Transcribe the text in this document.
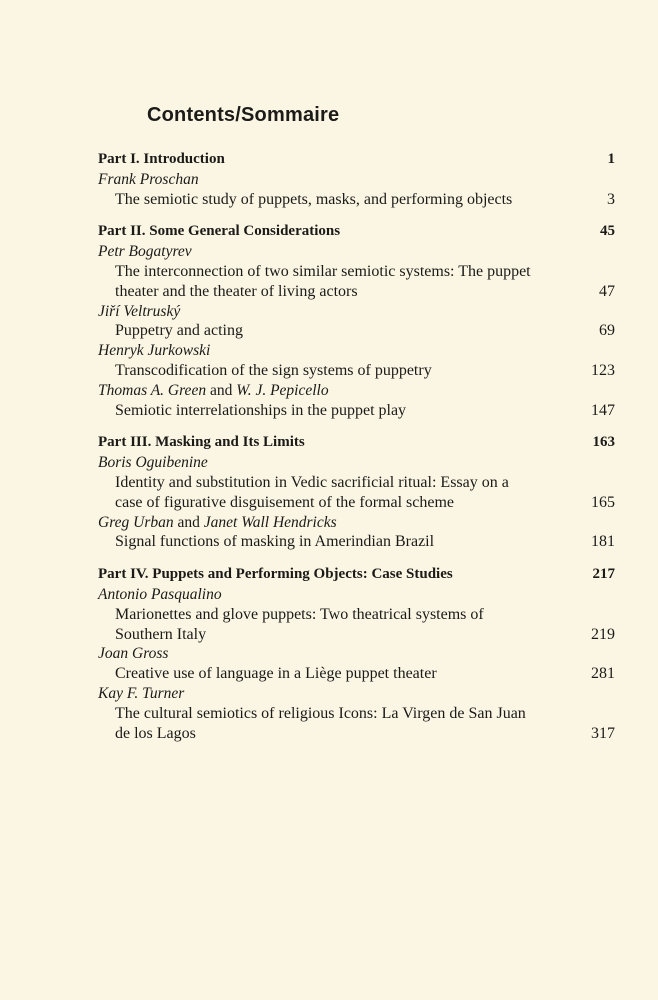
Contents/Sommaire
Part I. Introduction	1
Frank Proschan
The semiotic study of puppets, masks, and performing objects	3
Part II. Some General Considerations	45
Petr Bogatyrev
The interconnection of two similar semiotic systems: The puppet
theater and the theater of living actors	47
Jiří Veltruský
Puppetry and acting	69
Henryk Jurkowski
Transcodification of the sign systems of puppetry	123
Thomas A. Green and W. J. Pepicello
Semiotic interrelationships in the puppet play	147
Part III. Masking and Its Limits	163
Boris Oguibenine
Identity and substitution in Vedic sacrificial ritual: Essay on a
case of figurative disguisement of the formal scheme	165
Greg Urban and Janet Wall Hendricks
Signal functions of masking in Amerindian Brazil	181
Part IV. Puppets and Performing Objects: Case Studies	217
Antonio Pasqualino
Marionettes and glove puppets: Two theatrical systems of
Southern Italy	219
Joan Gross
Creative use of language in a Liège puppet theater	281
Kay F. Turner
The cultural semiotics of religious Icons: La Virgen de San Juan
de los Lagos	317
